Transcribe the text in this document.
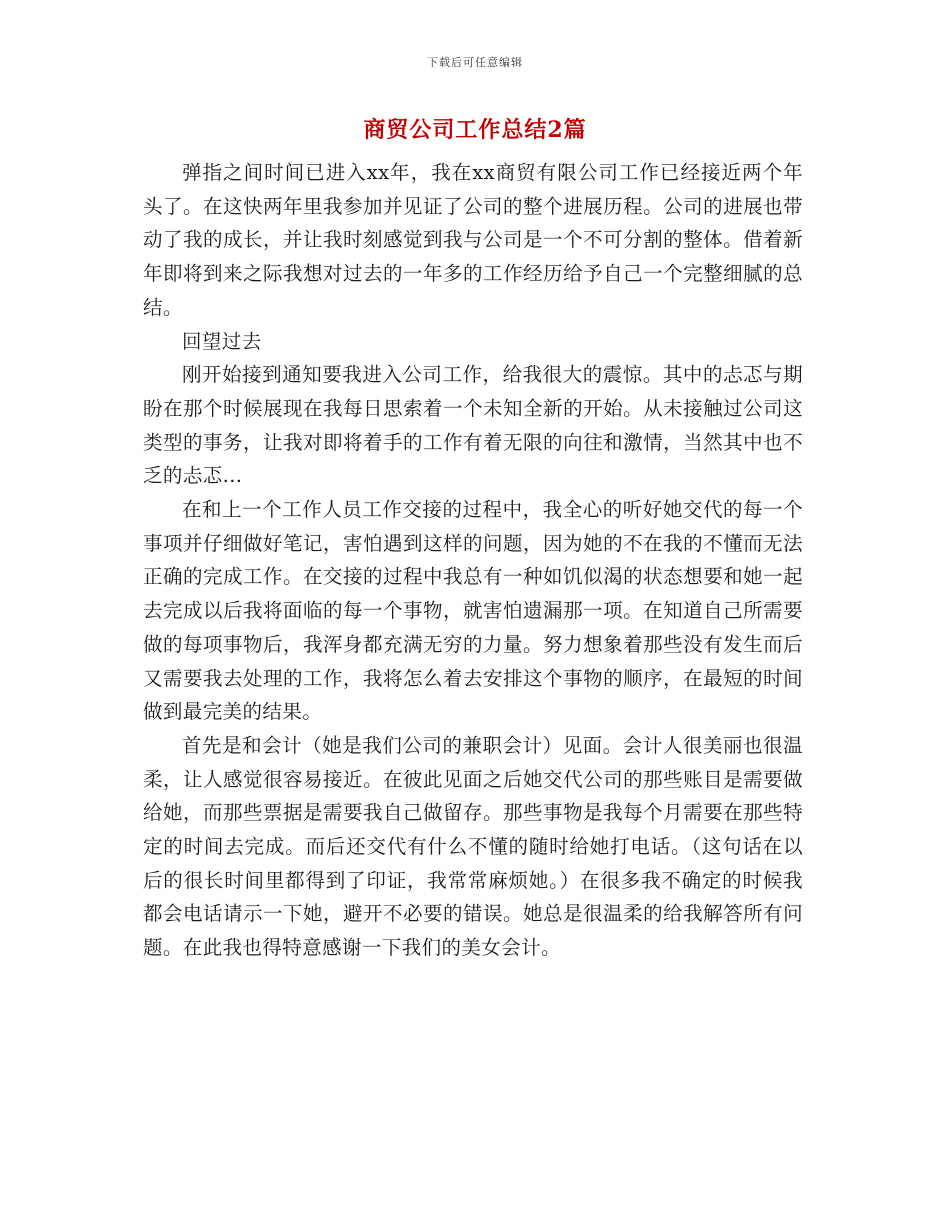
下载后可任意编辑
商贸公司工作总结2篇

弹指之间时间已进入xx年，我在xx商贸有限公司工作已经接近两个年头了。在这快两年里我参加并见证了公司的整个进展历程。公司的进展也带动了我的成长，并让我时刻感觉到我与公司是一个不可分割的整体。借着新年即将到来之际我想对过去的一年多的工作经历给予自己一个完整细腻的总结。

回望过去

刚开始接到通知要我进入公司工作，给我很大的震惊。其中的忐忑与期盼在那个时候展现在我每日思索着一个未知全新的开始。从未接触过公司这类型的事务，让我对即将着手的工作有着无限的向往和激情，当然其中也不乏的忐忑...

在和上一个工作人员工作交接的过程中，我全心的听好她交代的每一个事项并仔细做好笔记，害怕遇到这样的问题，因为她的不在我的不懂而无法正确的完成工作。在交接的过程中我总有一种如饥似渴的状态想要和她一起去完成以后我将面临的每一个事物，就害怕遗漏那一项。在知道自己所需要做的每项事物后，我浑身都充满无穷的力量。努力想象着那些没有发生而后又需要我去处理的工作，我将怎么着去安排这个事物的顺序，在最短的时间做到最完美的结果。

首先是和会计（她是我们公司的兼职会计）见面。会计人很美丽也很温柔，让人感觉很容易接近。在彼此见面之后她交代公司的那些账目是需要做给她，而那些票据是需要我自己做留存。那些事物是我每个月需要在那些特定的时间去完成。而后还交代有什么不懂的随时给她打电话。（这句话在以后的很长时间里都得到了印证，我常常麻烦她。）在很多我不确定的时候我都会电话请示一下她，避开不必要的错误。她总是很温柔的给我解答所有问题。在此我也得特意感谢一下我们的美女会计。
